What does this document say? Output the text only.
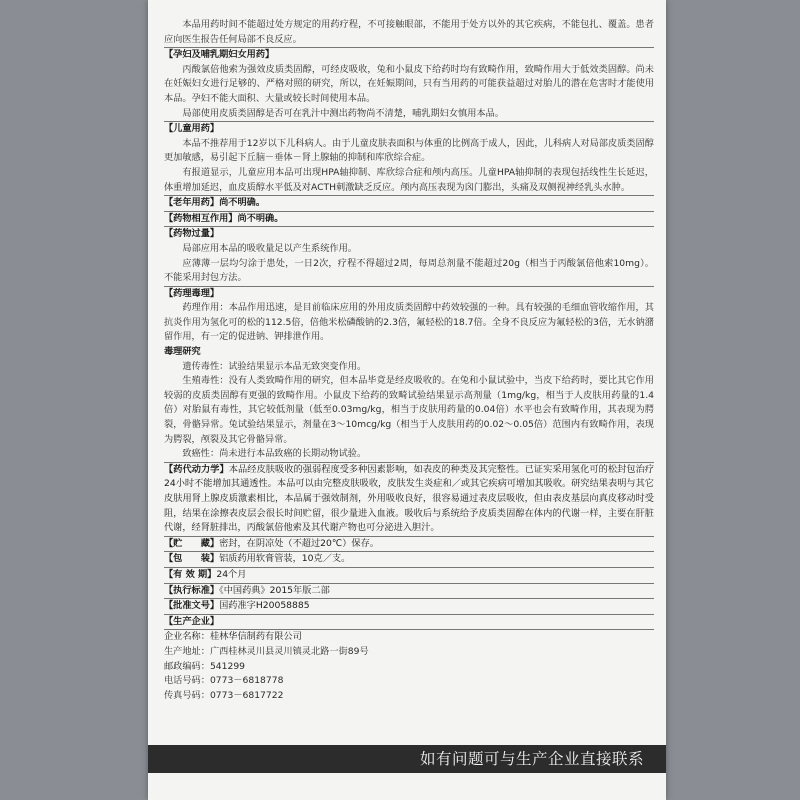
本品用药时间不能超过处方规定的用药疗程，不可接触眼部，不能用于处方以外的其它疾病，不能包扎、覆盖。患者应向医生报告任何局部不良反应。

【孕妇及哺乳期妇女用药】

丙酸氯倍他索为强效皮质类固醇，可经皮吸收，兔和小鼠皮下给药时均有致畸作用，致畸作用大于低效类固醇。尚未在妊娠妇女进行足够的、严格对照的研究，所以，在妊娠期间，只有当用药的可能获益超过对胎儿的潜在危害时才能使用本品。孕妇不能大面积、大量或较长时间使用本品。

局部使用皮质类固醇是否可在乳汁中测出药物尚不清楚，哺乳期妇女慎用本品。

【儿童用药】

本品不推荐用于12岁以下儿科病人。由于儿童皮肤表面积与体重的比例高于成人，因此，儿科病人对局部皮质类固醇更加敏感，易引起下丘脑－垂体－肾上腺轴的抑制和库欣综合症。

有报道显示，儿童应用本品可出现HPA轴抑制、库欣综合症和颅内高压。儿童HPA轴抑制的表现包括线性生长延迟，体重增加延迟，血皮质醇水平低及对ACTH刺激缺乏反应。颅内高压表现为囟门膨出，头痛及双侧视神经乳头水肿。

【老年用药】尚不明确。

【药物相互作用】尚不明确。

【药物过量】

局部应用本品的吸收量足以产生系统作用。

应薄薄一层均匀涂于患处，一日2次，疗程不得超过2周，每周总剂量不能超过20g（相当于丙酸氯倍他索10mg）。不能采用封包方法。

【药理毒理】

药理作用：本品作用迅速，是目前临床应用的外用皮质类固醇中药效较强的一种。具有较强的毛细血管收缩作用，其抗炎作用为氢化可的松的112.5倍，倍他米松磷酸钠的2.3倍，氟轻松的18.7倍。全身不良反应为氟轻松的3倍，无水钠潴留作用，有一定的促进钠、钾排泄作用。

毒理研究

遗传毒性：试验结果显示本品无致突变作用。

生殖毒性：没有人类致畸作用的研究，但本品毕竟是经皮吸收的。在兔和小鼠试验中，当皮下给药时，要比其它作用较弱的皮质类固醇有更强的致畸作用。小鼠皮下给药的致畸试验结果显示高剂量（1mg/kg，相当于人皮肤用药量的1.4倍）对胎鼠有毒性，其它较低剂量（低至0.03mg/kg，相当于皮肤用药量的0.04倍）水平也会有致畸作用，其表现为腭裂，骨骼异常。兔试验结果显示，剂量在3～10mcg/kg（相当于人皮肤用药的0.02～0.05倍）范围内有致畸作用，表现为腭裂，颅裂及其它骨骼异常。

致癌性：尚未进行本品致癌的长期动物试验。

【药代动力学】本品经皮肤吸收的强弱程度受多种因素影响，如表皮的种类及其完整性。已证实采用氢化可的松封包治疗24小时不能增加其通透性。本品可以由完整皮肤吸收，皮肤发生炎症和／或其它疾病可增加其吸收。研究结果表明与其它皮肤用肾上腺皮质激素相比，本品属于强效制剂，外用吸收良好，很容易通过表皮层吸收，但由表皮基层向真皮移动时受阻，结果在涂擦表皮层会很长时间贮留，很少量进入血液。吸收后与系统给予皮质类固醇在体内的代谢一样，主要在肝脏代谢，经肾脏排出，丙酸氯倍他索及其代谢产物也可分泌进入胆汁。

【贮　　藏】密封，在阴凉处（不超过20℃）保存。

【包　　装】铝质药用软膏管装，10克／支。

【有 效 期】24个月

【执行标准】《中国药典》2015年版二部

【批准文号】国药准字H20058885

【生产企业】

企业名称：桂林华信制药有限公司

生产地址：广西桂林灵川县灵川镇灵北路一街89号

邮政编码：541299

电话号码：0773－6818778

传真号码：0773－6817722

如有问题可与生产企业直接联系
